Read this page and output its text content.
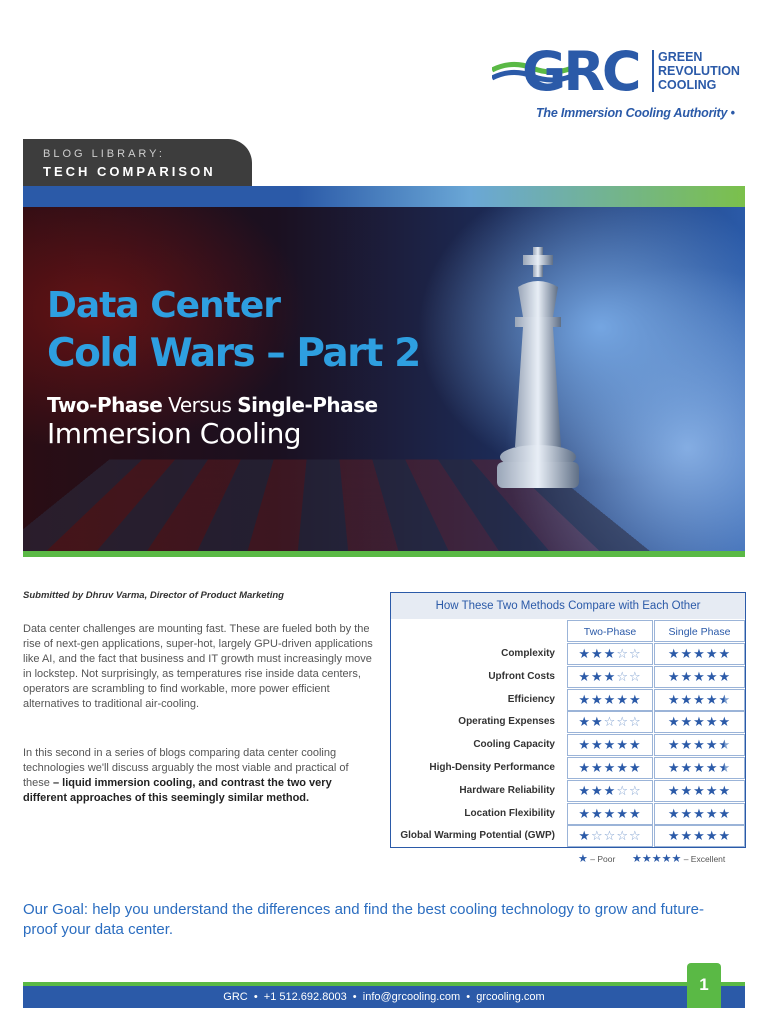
GRC GREEN
REVOLUTION
COOLING
The Immersion Cooling Authority •
BLOG LIBRARY:
TECH COMPARISON
Data Center
Cold Wars – Part 2
Two-Phase Versus Single-Phase
Immersion Cooling
Submitted by Dhruv Varma, Director of Product Marketing
Data center challenges are mounting fast. These are fueled both by the rise of next-gen applications, super-hot, largely GPU-driven applications like AI, and the fact that business and IT growth must increasingly move in lockstep. Not surprisingly, as temperatures rise inside data centers, operators are scrambling to find workable, more power efficient alternatives to traditional air-cooling.
In this second in a series of blogs comparing data center cooling technologies we'll discuss arguably the most viable and practical of these – liquid immersion cooling, and contrast the two very different approaches of this seemingly similar method.
How These Two Methods Compare with Each Other
Two-Phase	Single Phase
Complexity	★★★☆☆	★★★★★
Upfront Costs	★★★☆☆	★★★★★
Efficiency	★★★★★	★★★★★
Operating Expenses	★★☆☆☆	★★★★★
Cooling Capacity	★★★★★	★★★★★
High-Density Performance	★★★★★	★★★★★
Hardware Reliability	★★★☆☆	★★★★★
Location Flexibility	★★★★★	★★★★★
Global Warming Potential (GWP)	★☆☆☆☆	★★★★★
★ – Poor ★★★★★ – Excellent
Our Goal: help you understand the differences and find the best cooling technology to grow and future-proof your data center.
GRC  •  +1 512.692.8003  •  info@grcooling.com  •  grcooling.com
1
